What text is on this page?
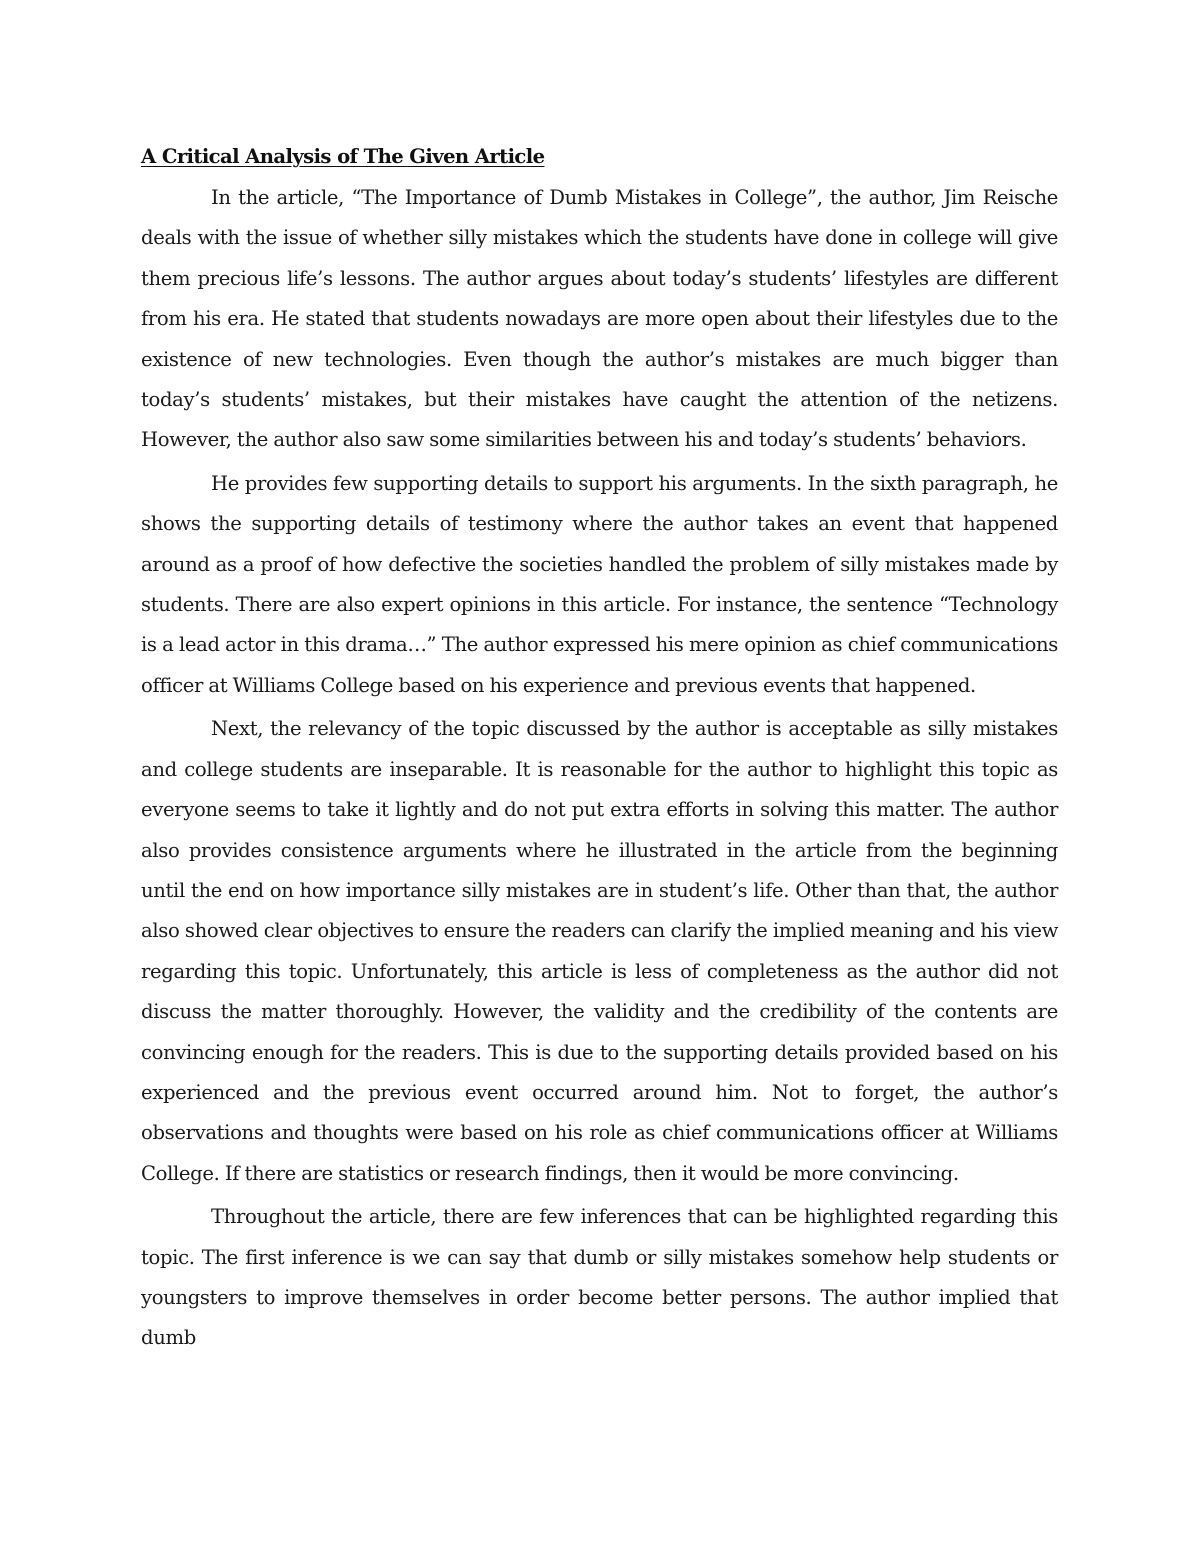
A Critical Analysis of The Given Article

In the article, “The Importance of Dumb Mistakes in College”, the author, Jim Reische deals with the issue of whether silly mistakes which the students have done in college will give them precious life’s lessons. The author argues about today’s students’ lifestyles are different from his era. He stated that students nowadays are more open about their lifestyles due to the existence of new technologies. Even though the author’s mistakes are much bigger than today’s students’ mistakes, but their mistakes have caught the attention of the netizens. However, the author also saw some similarities between his and today’s students’ behaviors.

He provides few supporting details to support his arguments. In the sixth paragraph, he shows the supporting details of testimony where the author takes an event that happened around as a proof of how defective the societies handled the problem of silly mistakes made by students. There are also expert opinions in this article. For instance, the sentence “Technology is a lead actor in this drama…” The author expressed his mere opinion as chief communications officer at Williams College based on his experience and previous events that happened.

Next, the relevancy of the topic discussed by the author is acceptable as silly mistakes and college students are inseparable. It is reasonable for the author to highlight this topic as everyone seems to take it lightly and do not put extra efforts in solving this matter. The author also provides consistence arguments where he illustrated in the article from the beginning until the end on how importance silly mistakes are in student’s life. Other than that, the author also showed clear objectives to ensure the readers can clarify the implied meaning and his view regarding this topic. Unfortunately, this article is less of completeness as the author did not discuss the matter thoroughly. However, the validity and the credibility of the contents are convincing enough for the readers. This is due to the supporting details provided based on his experienced and the previous event occurred around him. Not to forget, the author’s observations and thoughts were based on his role as chief communications officer at Williams College. If there are statistics or research findings, then it would be more convincing.

Throughout the article, there are few inferences that can be highlighted regarding this topic. The first inference is we can say that dumb or silly mistakes somehow help students or youngsters to improve themselves in order become better persons. The author implied that dumb
